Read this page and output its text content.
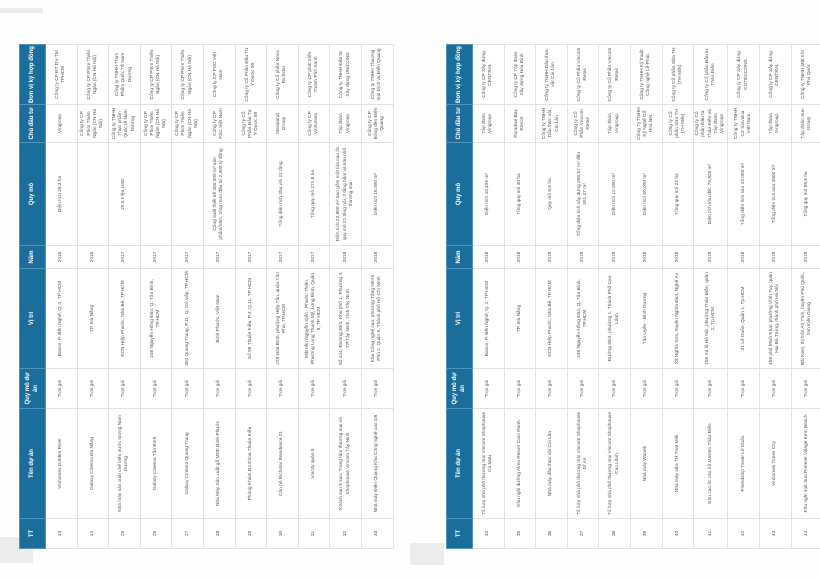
TT	Tên dự án	Quy mô dự án	Vị trí	Năm	Quy mô	Chủ đầu tư	Đơn vị ký hợp đồng
23	Vinhomes Golden River	Trọn gói	Bason, P. Bến Nghé, Q. 1, TP HCM	2016	Diện tích 25.3 ha	Vingroup	Công ty CP ĐT DV-TM TPHCM
24	Galaxy Cinema Đà Nẵng	Trọn gói	TP. Đà Nẵng	2016		Công ty CP Phim Thiên Ngân (CN Hà Nội)	Công ty CP Phim Thiên Ngân (CN Hà Nội)
25	Nhà máy sản xuất chế biến nước tương Nam Dương	Trọn gói	KCN Hiệp Phước, Nhà Bè, TP.HCM	2017	25.6 triệu USD	Công ty TNHH Thực phẩm Quốc tế Nam Dương	Công ty TNHH Thực Phẩm Quốc Tế Nam Dương
26	Galaxy Cinema Tân Bình	Trọn gói	246 Nguyễn Hồng Đào, Q. Tân Bình, TP.HCM	2017		Công ty CP Phim Thiên Ngân (CN Hà Nội)	Công ty CP Phim Thiên Ngân (CN Hà Nội)
27	Galaxy Cinema Quang Trung	Trọn gói	304 Quang Trung, P.11, Q. Gò Vấp, TP.HCM	2017		Công ty CP Phim Thiên Ngân (CN Hà Nội)	Công ty CP Phim Thiên Ngân (CN Hà Nội)
28	Nhà Máy Sản xuất gỗ MDF Bình Phước	Trọn gói	Bình Phước, Việt Nam	2017	Công suất thiết kế 400.000 m³ sản phẩm/năm, tổng mức đầu tư 2,300 tỷ đồng	Công ty CP FSC Việt Nam	Công ty CP FSC Việt Nam
29	Phòng Khám Đa Khoa Thuận Kiều	Trọn gói	Số 99 Thuận Kiều, P.4, Q.11, TP HCM	2017		Công ty Cổ Phần Đầu Tư Y Dược 99	Công ty Cổ Phần Đầu Tư Y Dược 99
30	Căn hộ Richstar Residence 21	Trọn gói	278 Hòa Bình, phường Hiệp Tân, quận Tân Phú, TP.HCM	2017	Tổng diện tích 3ha với 22 tầng	Novaland Group	Công ty Cổ phần Nova Richstar
31	Vincity quận 9	Trọn gói	Mặt tiền Nguyễn Xiển - Phước Thiện, Phường Long Thạnh Mỹ, Long Bình, Quận 9, TP HCM	2017	Tổng quy mô 271,8 ha	Công ty CP Vinhomes	Công ty CP phát triển Thành Phố Xanh
32	Khách sạn 5 sao, Trung tâm thương mại và Shophouse Vincom Tây Ninh	Trọn gói	Số 444, Đường 30/4, Khu phố 1, Phường 3, TP.Tây Ninh, Tỉnh Tây Ninh	2018	Diện tích 22,860 m² bao gồm một tòa cao ốc quy mô 21 tầng nổi, 2 tầng hầm và khu phố thương mại	Tập đoàn Vingroup	Công ty TNHH Đầu tư Xây dựng UNICONS
33	Nhà máy Điện Quang Khu Công nghệ cao Q9	Trọn gói	Khu Công nghệ cao, phường Tăng Nhơn Phú 2, Quận 9, Thành phố Hồ Chí Minh	2018	Diện tích 16.000 m²	Công ty CP Bóng đèn Điện Quang	Công ty TNHH Thương mại Dịch vụ Điện Quang
TT	Tên dự án	Quy mô dự án	Vị trí	Năm	Quy mô	Chủ đầu tư	Đơn vị ký hợp đồng
34	Tổ hợp nhà phố thương mại Vincom Shophouse Cà Mau	Trọn gói	Bason, P. Bến Nghé, Q. 1, TP HCM	2018	Diện tích 43,406 m²	Tập đoàn Vingroup	Công ty CP Xây dựng CENTRAL
35	Khu nghỉ dưỡng Alma Resort Cam Ranh	Trọn gói	TP. Đà Nẵng	2018	Tổng quy mô 30 ha	Paradise Bay Resort	Công ty CP Tập đoàn Xây dựng Hòa Bình
36	Nhà máy dầu thực vật Cái Lân	Trọn gói	KCN Hiệp Phước, Nhà Bè, TP.HCM	2018	Quy mô 8,6 ha	Công ty TNHH Dầu thực vật Cái Lân	Công ty TNHH Dầu thực vật Cái Lân
37	Tổ hợp nhà phố thương mại Vincom Shophouse Dĩ An	Trọn gói	246 Nguyễn Hồng Đào, Q. Tân Bình, TP.HCM	2018	Tổng diện tích xây dựng 259,57 m² đến 351,37 m²	Công ty Cổ Phần Vincom Retail	Công ty Cổ Phần Vincom Retail
38	Tổ hợp nhà phố thương mại Vincom Shophouse Cao Lãnh	Trọn gói	Đường 30/4, phường 1, Thành Phố Cao Lãnh	2018	Diện tích 12.000 m²	Tập đoàn Vingroup	Công ty Cổ Phần Vincom Retail
39	Nhà máy Wanek	Trọn gói	Tân Uyên - Bình Dương	2018	Diện tích 60,000 m²	Công Ty TNHH Kỹ Nghệ Gỗ Hoa Nét	Công ty TNHH Kỹ thuật Công nghệ Lê Phúc
40	Nhà máy sữa TH True Milk	Trọn gói	Xã Nghĩa Sơn, huyện Nghĩa Đàn, Nghệ An	2018	Tổng quy mô 22 ha	Công ty Cổ phần Sữa TH (TH Milk)	Công ty Cổ phần Sữa TH (TH Milk)
41	Khu cao ốc căn hộ Masteri Thảo Điền	Trọn gói	159 Xa lộ Hà Nội, phường Thảo Điền, quận 2, Tp.HCM	2018	Diện tích khu đất: 79,829 m²	Công ty Cổ phần Đầu tư Thảo Điền và Tập đoàn Vingroup	Công ty Cổ phần Đầu tư Thảo Điền
42	Friendship Tower Lê Duẩn	Trọn gói	31 Lê Duẩn, Quận 1, Tp.HCM	2018	Tổng diện tích sàn 23.000 m²	Công ty TNHH CZ Slovakia Việt Nam	Công ty CP Xây dựng COTECCONS
43	Vinhomes Times City	Trọn gói	458 phố Minh Khai, phường Vĩnh Tuy, quận Hai Bà Trưng, thành phố Hà Nội	2018	Tổng diện tích sàn 4900 m²	Tập đoàn Vingroup	Công ty CP Xây dựng CENTRAL
44	Khu nghỉ mát Sun Premier Village Kem Beach	Trọn gói	Bãi Kem, thị trấn An Thới, huyện Phú Quốc, tỉnh Kiên Giang	2018	Tổng quy mô 59,6 ha	Tập đoàn Sun Group	Công ty TNHH Mặt trời Phú Quốc
